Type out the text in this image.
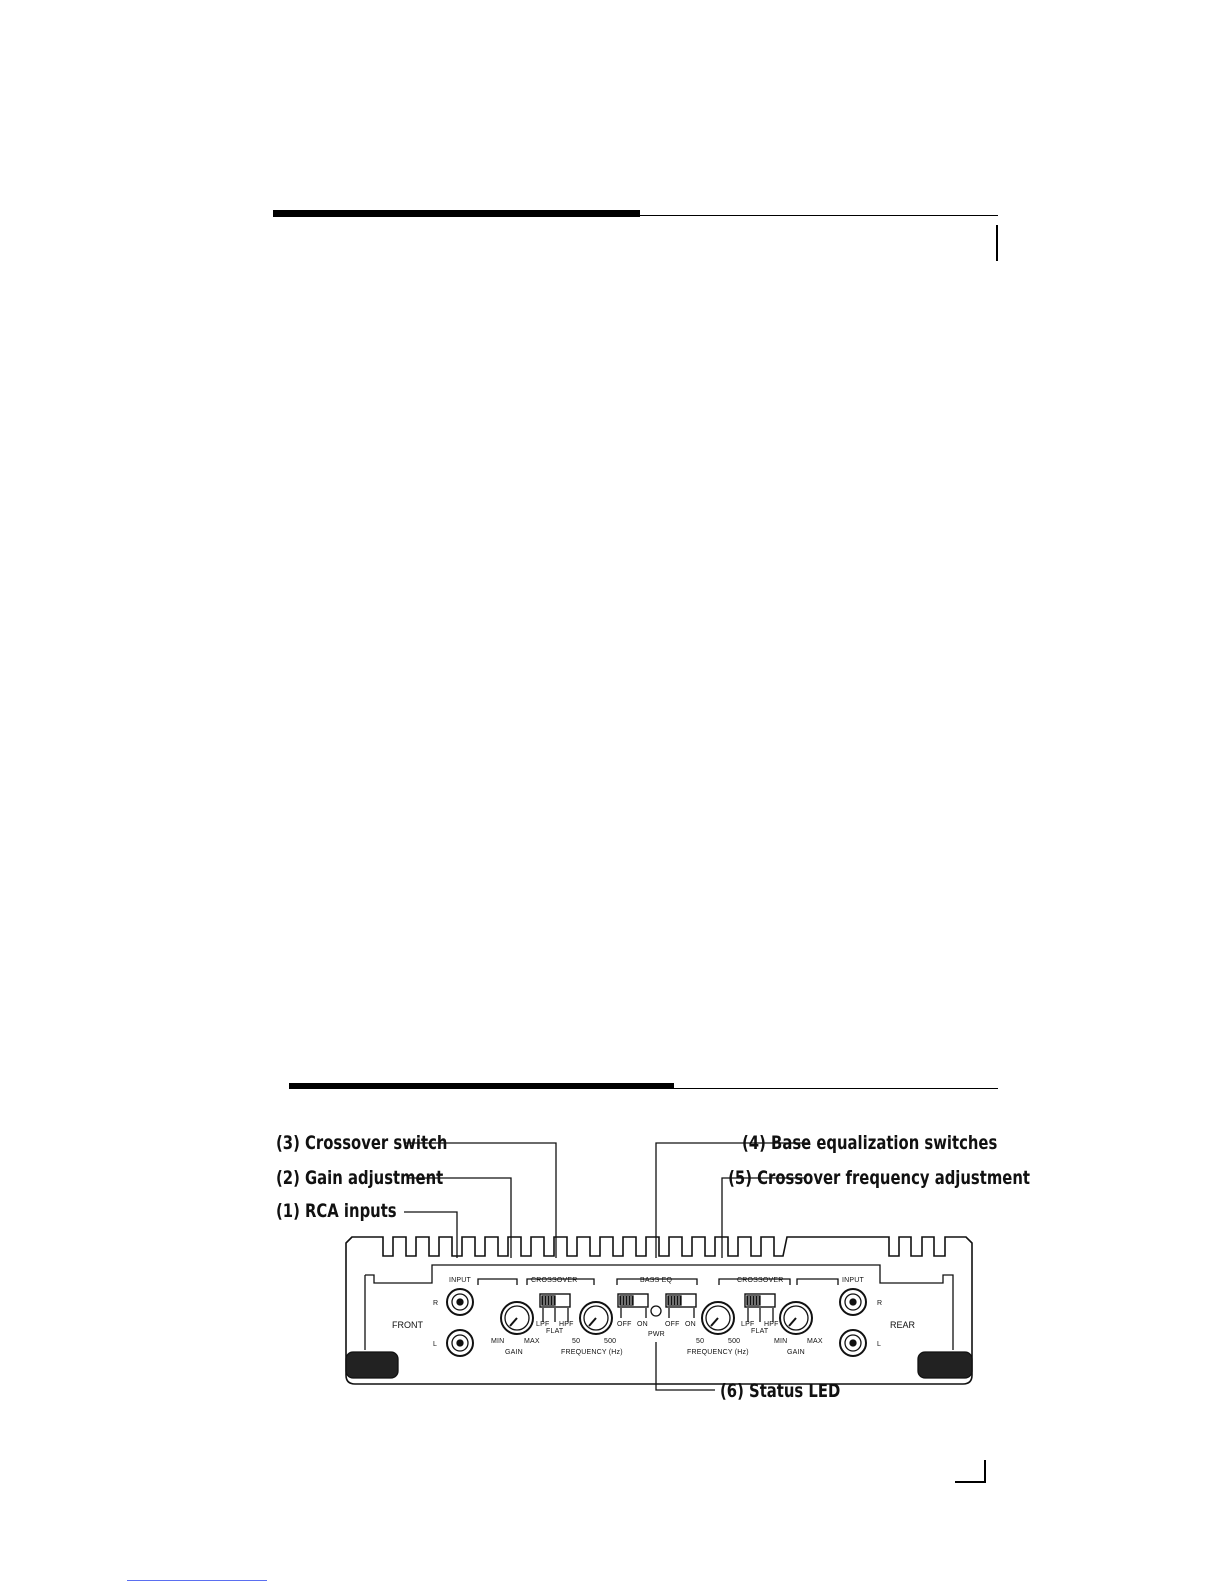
(3) Crossover switch
(2) Gain adjustment
(1) RCA inputs
(4) Base equalization switches
(5) Crossover frequency adjustment
(6) Status LED
FRONT	REAR
R
L
R
L
INPUT	CROSSOVER	BASS EQ	CROSSOVER	INPUT
MIN	MAX
GAIN
LPF HPF
FLAT
50	500
FREQUENCY (Hz)
OFF ON OFF ON
PWR
50	500
FREQUENCY (Hz)
LPF HPF
FLAT
MIN	MAX
GAIN
